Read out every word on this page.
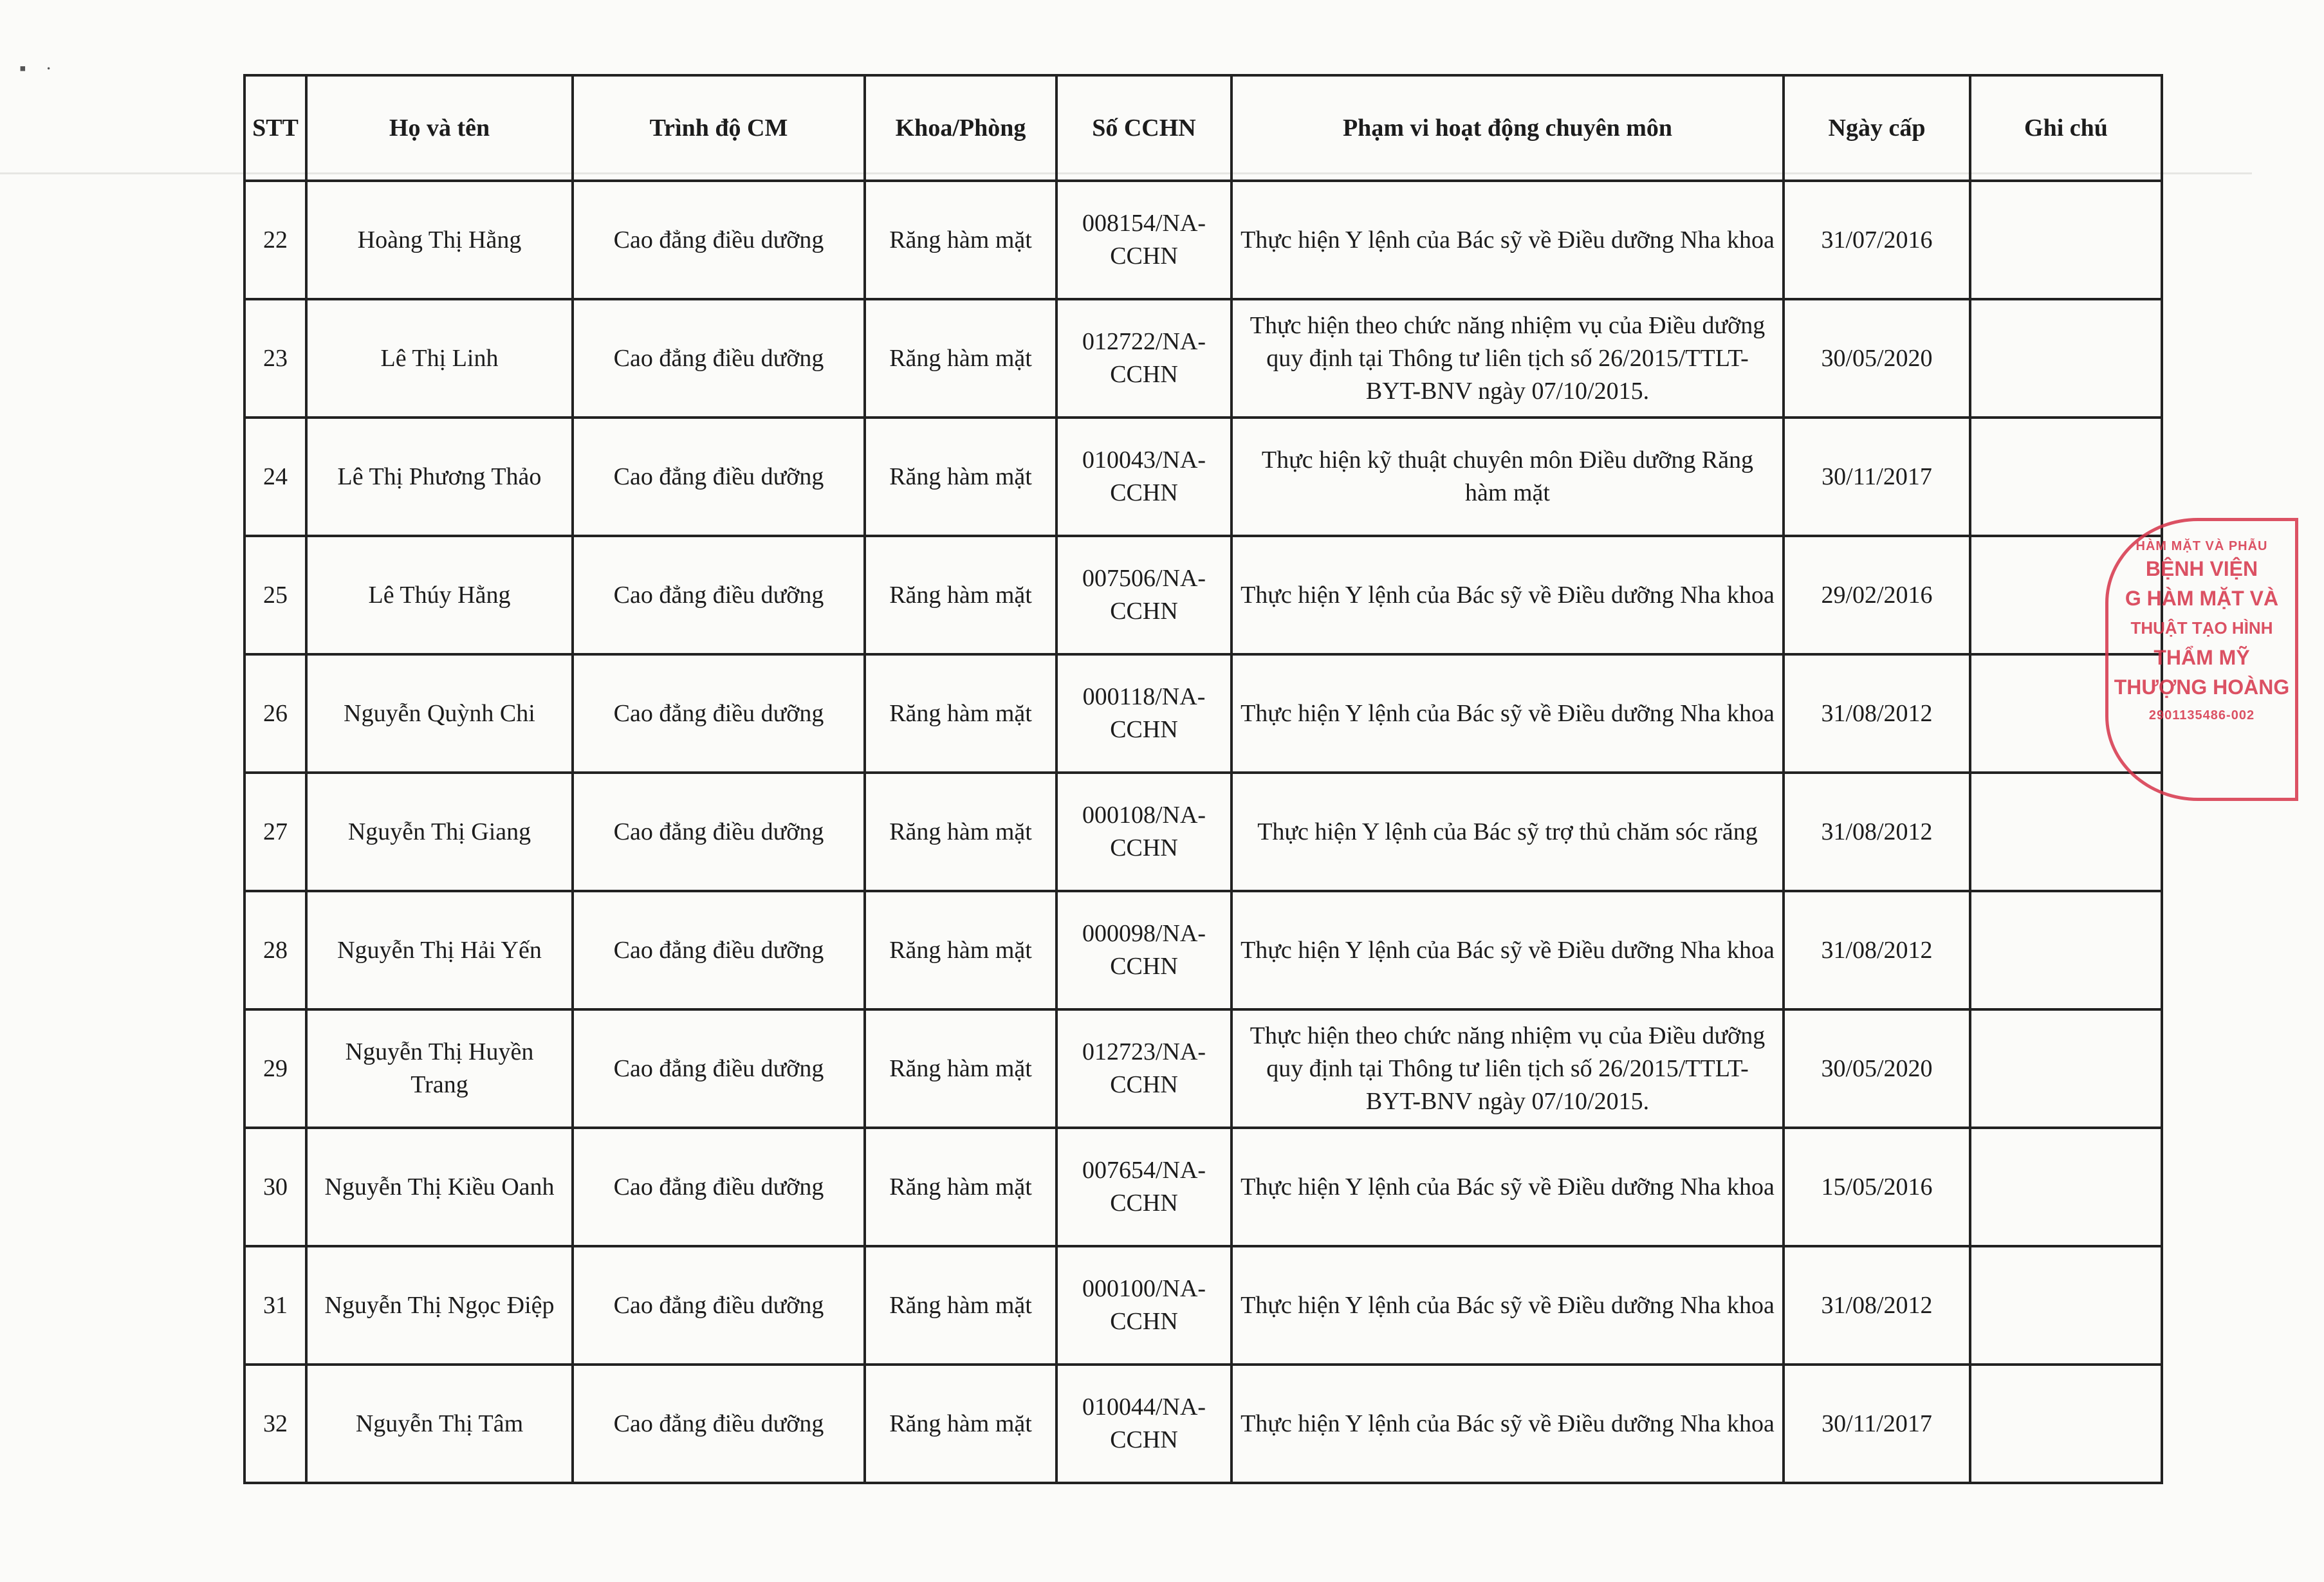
▪    ·
STT	Họ và tên	Trình độ CM	Khoa/Phòng	Số CCHN	Phạm vi hoạt động chuyên môn	Ngày cấp	Ghi chú
22	Hoàng Thị Hằng	Cao đẳng điều dưỡng	Răng hàm mặt	008154/NA-CCHN	Thực hiện Y lệnh của Bác sỹ về Điều dưỡng Nha khoa	31/07/2016	
23	Lê Thị Linh	Cao đẳng điều dưỡng	Răng hàm mặt	012722/NA-CCHN	Thực hiện theo chức năng nhiệm vụ của Điều dưỡng quy định tại Thông tư liên tịch số 26/2015/TTLT-BYT-BNV ngày 07/10/2015.	30/05/2020	
24	Lê Thị Phương Thảo	Cao đẳng điều dưỡng	Răng hàm mặt	010043/NA-CCHN	Thực hiện kỹ thuật chuyên môn Điều dưỡng Răng hàm mặt	30/11/2017	
25	Lê Thúy Hằng	Cao đẳng điều dưỡng	Răng hàm mặt	007506/NA-CCHN	Thực hiện Y lệnh của Bác sỹ về Điều dưỡng Nha khoa	29/02/2016	
26	Nguyễn Quỳnh Chi	Cao đẳng điều dưỡng	Răng hàm mặt	000118/NA-CCHN	Thực hiện Y lệnh của Bác sỹ về Điều dưỡng Nha khoa	31/08/2012	
27	Nguyễn Thị Giang	Cao đẳng điều dưỡng	Răng hàm mặt	000108/NA-CCHN	Thực hiện Y lệnh của Bác sỹ trợ thủ chăm sóc răng	31/08/2012	
28	Nguyễn Thị Hải Yến	Cao đẳng điều dưỡng	Răng hàm mặt	000098/NA-CCHN	Thực hiện Y lệnh của Bác sỹ về Điều dưỡng Nha khoa	31/08/2012	
29	Nguyễn Thị Huyền Trang	Cao đẳng điều dưỡng	Răng hàm mặt	012723/NA-CCHN	Thực hiện theo chức năng nhiệm vụ của Điều dưỡng quy định tại Thông tư liên tịch số 26/2015/TTLT-BYT-BNV ngày 07/10/2015.	30/05/2020	
30	Nguyễn Thị Kiều Oanh	Cao đẳng điều dưỡng	Răng hàm mặt	007654/NA-CCHN	Thực hiện Y lệnh của Bác sỹ về Điều dưỡng Nha khoa	15/05/2016	
31	Nguyễn Thị Ngọc Điệp	Cao đẳng điều dưỡng	Răng hàm mặt	000100/NA-CCHN	Thực hiện Y lệnh của Bác sỹ về Điều dưỡng Nha khoa	31/08/2012	
32	Nguyễn Thị Tâm	Cao đẳng điều dưỡng	Răng hàm mặt	010044/NA-CCHN	Thực hiện Y lệnh của Bác sỹ về Điều dưỡng Nha khoa	30/11/2017	
HÀM MẶT VÀ PHẪU
BỆNH VIỆN
G HÀM MẶT VÀ
THUẬT TẠO HÌNH
THẨM MỸ
THƯỢNG HOÀNG
2901135486-002
